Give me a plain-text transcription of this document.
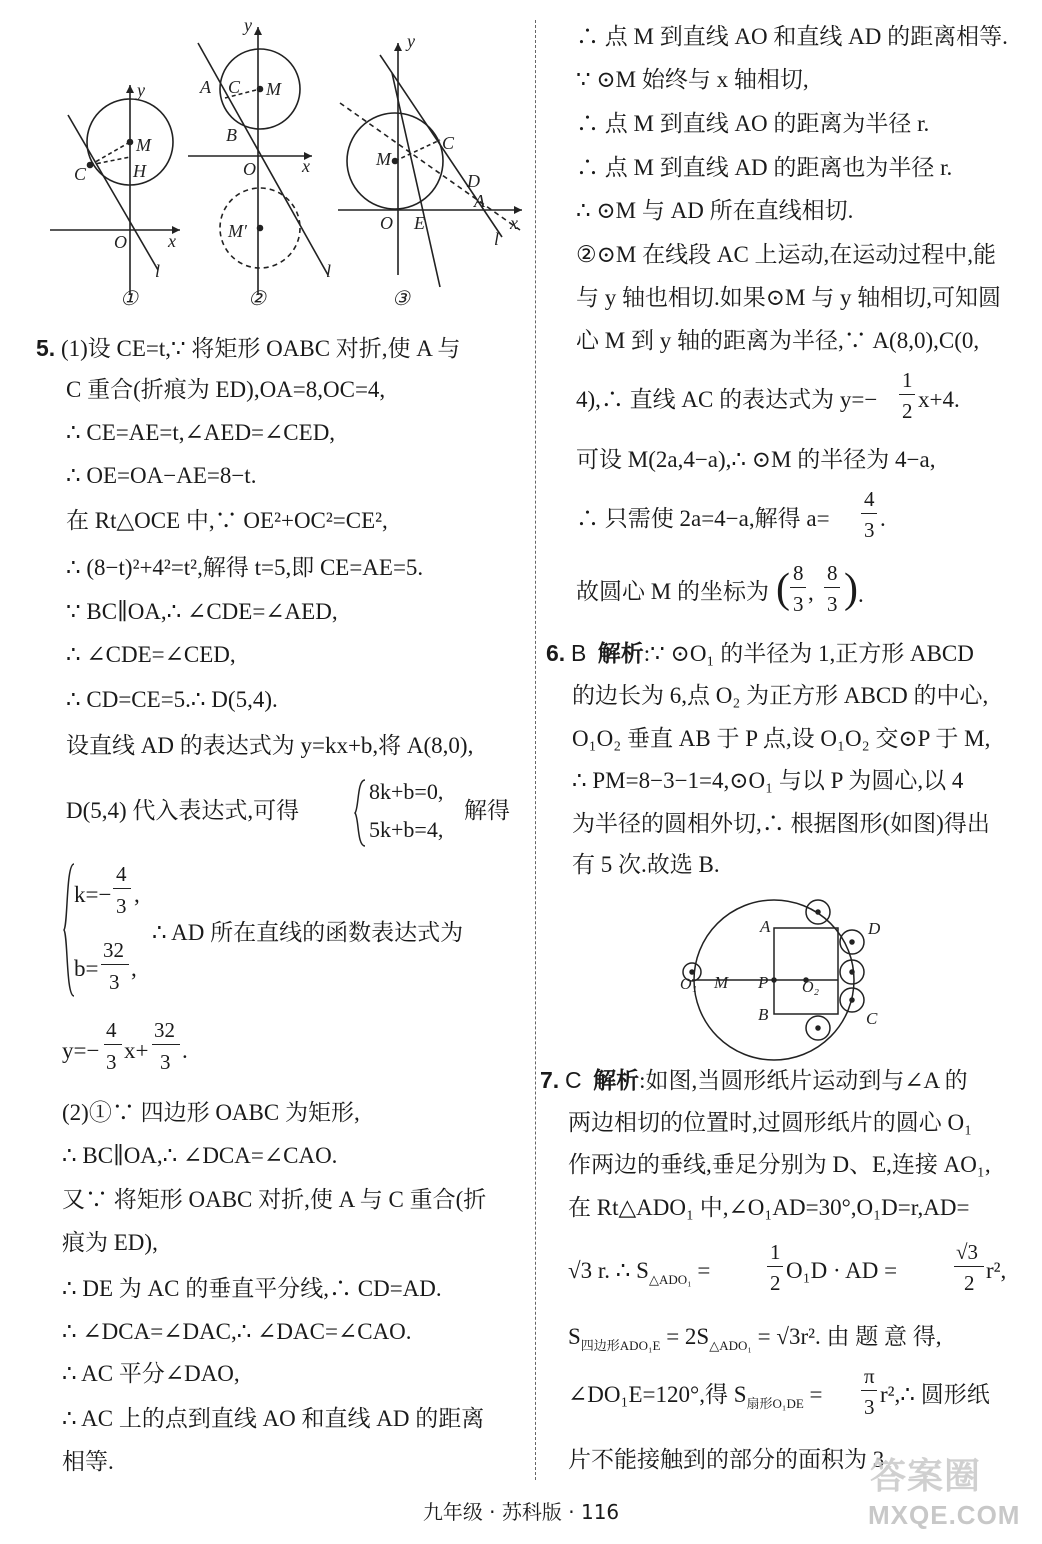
y
M
H
C
O x
l
①
y
A C M
B
O	x
M′
l
②
y
M
C
D
A
O E	x
l
③
5. (1)设 CE=t,∵ 将矩形 OABC 对折,使 A 与
C 重合(折痕为 ED),OA=8,OC=4,
∴ CE=AE=t,∠AED=∠CED,
∴ OE=OA−AE=8−t.
在 Rt△OCE 中,∵ OE²+OC²=CE²,
∴ (8−t)²+4²=t²,解得 t=5,即 CE=AE=5.
∵ BC∥OA,∴ ∠CDE=∠AED,
∴ ∠CDE=∠CED,
∴ CD=CE=5.∴ D(5,4).
设直线 AD 的表达式为 y=kx+b,将 A(8,0),
D(5,4) 代入表达式,可得
8k+b=0,
5k+b=4,
解得
k=−
4
3 ,
b=
32
3
,
∴ AD 所在直线的函数表达式为
y=−
4
3 x+
32
3 .
(2)①∵ 四边形 OABC 为矩形,
∴ BC∥OA,∴ ∠DCA=∠CAO.
又∵ 将矩形 OABC 对折,使 A 与 C 重合(折
痕为 ED),
∴ DE 为 AC 的垂直平分线,∴ CD=AD.
∴ ∠DCA=∠DAC,∴ ∠DAC=∠CAO.
∴ AC 平分∠DAO,
∴ AC 上的点到直线 AO 和直线 AD 的距离
相等.
∴ 点 M 到直线 AO 和直线 AD 的距离相等.
∵ ⊙M 始终与 x 轴相切,
∴ 点 M 到直线 AO 的距离为半径 r.
∴ 点 M 到直线 AD 的距离也为半径 r.
∴ ⊙M 与 AD 所在直线相切.
②⊙M 在线段 AC 上运动,在运动过程中,能
与 y 轴也相切.如果⊙M 与 y 轴相切,可知圆
心 M 到 y 轴的距离为半径,∵ A(8,0),C(0,
4),∴ 直线 AC 的表达式为 y=−
1
2 x+4.
可设 M(2a,4−a),∴ ⊙M 的半径为 4−a,
∴ 只需使 2a=4−a,解得 a=
4
3 .
故圆心 M 的坐标为 ( 8
3 ,
8
3 ) .
6. B 解析:∵ ⊙O₁ 的半径为 1,正方形 ABCD
的边长为 6,点 O₂ 为正方形 ABCD 的中心,
O₁O₂ 垂直 AB 于 P 点,设 O₁O₂ 交⊙P 于 M,
∴ PM=8−3−1=4,⊙O₁ 与以 P 为圆心,以 4
为半径的圆相外切,∴ 根据图形(如图)得出
有 5 次.故选 B.
A	D
O₁ M P O₂
B	C
7. C 解析:如图,当圆形纸片运动到与∠A 的
两边相切的位置时,过圆形纸片的圆心 O₁
作两边的垂线,垂足分别为 D、E,连接 AO₁,
在 Rt△ADO₁ 中,∠O₁AD=30°,O₁D=r,AD=
√3 r. ∴ $S_{\triangle ADO_1}$ =
1
2 O₁D · AD =
√3
2 r²,
$S_{四边形ADO_1E} = 2S_{\triangle ADO_1} = √3r^2$. 由 题 意 得,
∠DO₁E=120°,得 $S_{扇形O_1DE}$ =
π
3 r²,∴ 圆形纸
片不能接触到的部分的面积为 3
九年级 · 苏科版 · 116
答案圈
MXQE.COM
